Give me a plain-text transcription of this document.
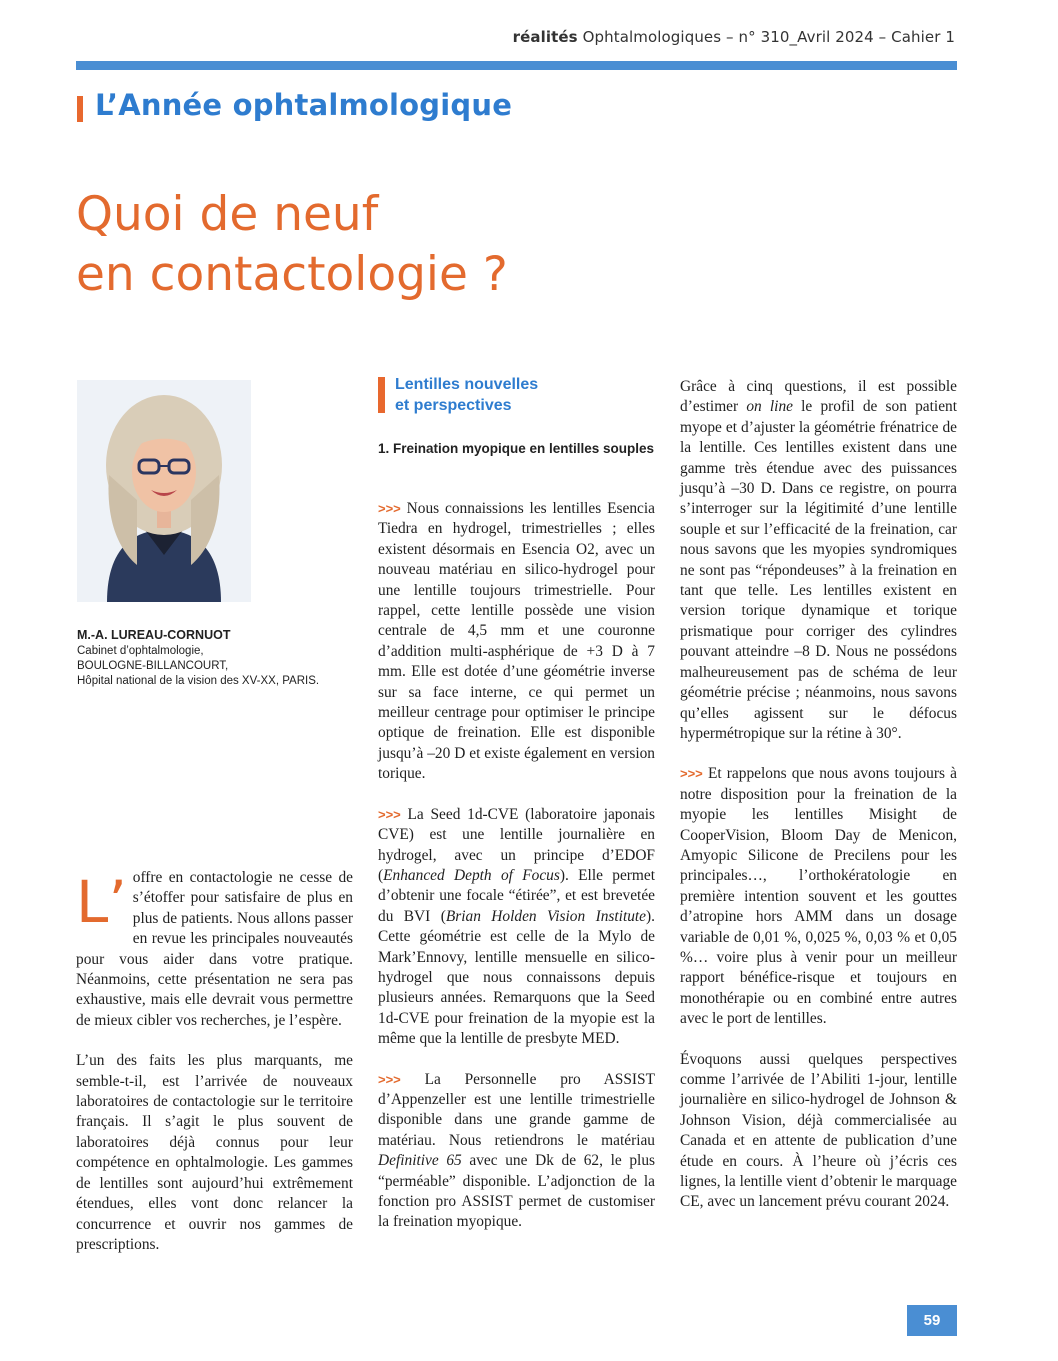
réalités Ophtalmologiques – n° 310_Avril 2024 – Cahier 1
L’Année ophtalmologique
Quoi de neuf
en contactologie ?
M.-A. LUREAU-CORNUOT
Cabinet d’ophtalmologie,
BOULOGNE-BILLANCOURT,
Hôpital national de la vision des XV-XX, PARIS.

L’ offre en contactologie ne cesse de s’étoffer pour satisfaire de plus en plus de patients. Nous allons passer en revue les principales nouveautés pour vous aider dans votre pratique. Néanmoins, cette présentation ne sera pas exhaustive, mais elle devrait vous permettre de mieux cibler vos recherches, je l’espère.

L’un des faits les plus marquants, me semble-t-il, est l’arrivée de nouveaux laboratoires de contactologie sur le territoire français. Il s’agit le plus souvent de laboratoires déjà connus pour leur compétence en ophtalmologie. Les gammes de lentilles sont aujourd’hui extrêmement étendues, elles vont donc relancer la concurrence et ouvrir nos gammes de prescriptions.

Lentilles nouvelles
et perspectives
1. Freination myopique en lentilles souples

>>> Nous connaissions les lentilles Esencia Tiedra en hydrogel, trimestrielles ; elles existent désormais en Esencia O2, avec un nouveau matériau en silico-hydrogel pour une lentille toujours trimestrielle. Pour rappel, cette lentille possède une vision centrale de 4,5 mm et une couronne d’addition multi-asphérique de +3 D à 7 mm. Elle est dotée d’une géométrie inverse sur sa face interne, ce qui permet un meilleur centrage pour optimiser le principe optique de freination. Elle est disponible jusqu’à –20 D et existe également en version torique.

>>> La Seed 1d-CVE (laboratoire japonais CVE) est une lentille journalière en hydrogel, avec un principe d’EDOF (Enhanced Depth of Focus). Elle permet d’obtenir une focale “étirée”, et est brevetée du BVI (Brian Holden Vision Institute). Cette géométrie est celle de la Mylo de Mark’Ennovy, lentille mensuelle en silico-hydrogel que nous connaissons depuis plusieurs années. Remarquons que la Seed 1d-CVE pour freination de la myopie est la même que la lentille de presbyte MED.

>>> La Personnelle pro ASSIST d’Appenzeller est une lentille trimestrielle disponible dans une grande gamme de matériau. Nous retiendrons le matériau Definitive 65 avec une Dk de 62, le plus “perméable” disponible. L’adjonction de la fonction pro ASSIST permet de customiser la freination myopique.

Grâce à cinq questions, il est possible d’estimer on line le profil de son patient myope et d’ajuster la géométrie frénatrice de la lentille. Ces lentilles existent dans une gamme très étendue avec des puissances jusqu’à –30 D. Dans ce registre, on pourra s’interroger sur la légitimité d’une lentille souple et sur l’efficacité de la freination, car nous savons que les myopies syndromiques ne sont pas “répondeuses” à la freination en tant que telle. Les lentilles existent en version torique dynamique et torique prismatique pour corriger des cylindres pouvant atteindre –8 D. Nous ne possédons malheureusement pas de schéma de leur géométrie précise ; néanmoins, nous savons qu’elles agissent sur le défocus hypermétropique sur la rétine à 30°.

>>> Et rappelons que nous avons toujours à notre disposition pour la freination de la myopie les lentilles Misight de CooperVision, Bloom Day de Menicon, Amyopic Silicone de Precilens pour les principales…, l’orthokératologie en première intention souvent et les gouttes d’atropine hors AMM dans un dosage variable de 0,01 %, 0,025 %, 0,03 % et 0,05 %… voire plus à venir pour un meilleur rapport bénéfice-risque et toujours en monothérapie ou en combiné entre autres avec le port de lentilles.

Évoquons aussi quelques perspectives comme l’arrivée de l’Abiliti 1-jour, lentille journalière en silico-hydrogel de Johnson & Johnson Vision, déjà commercialisée au Canada et en attente de publication d’une étude en cours. À l’heure où j’écris ces lignes, la lentille vient d’obtenir le marquage CE, avec un lancement prévu courant 2024.

59
